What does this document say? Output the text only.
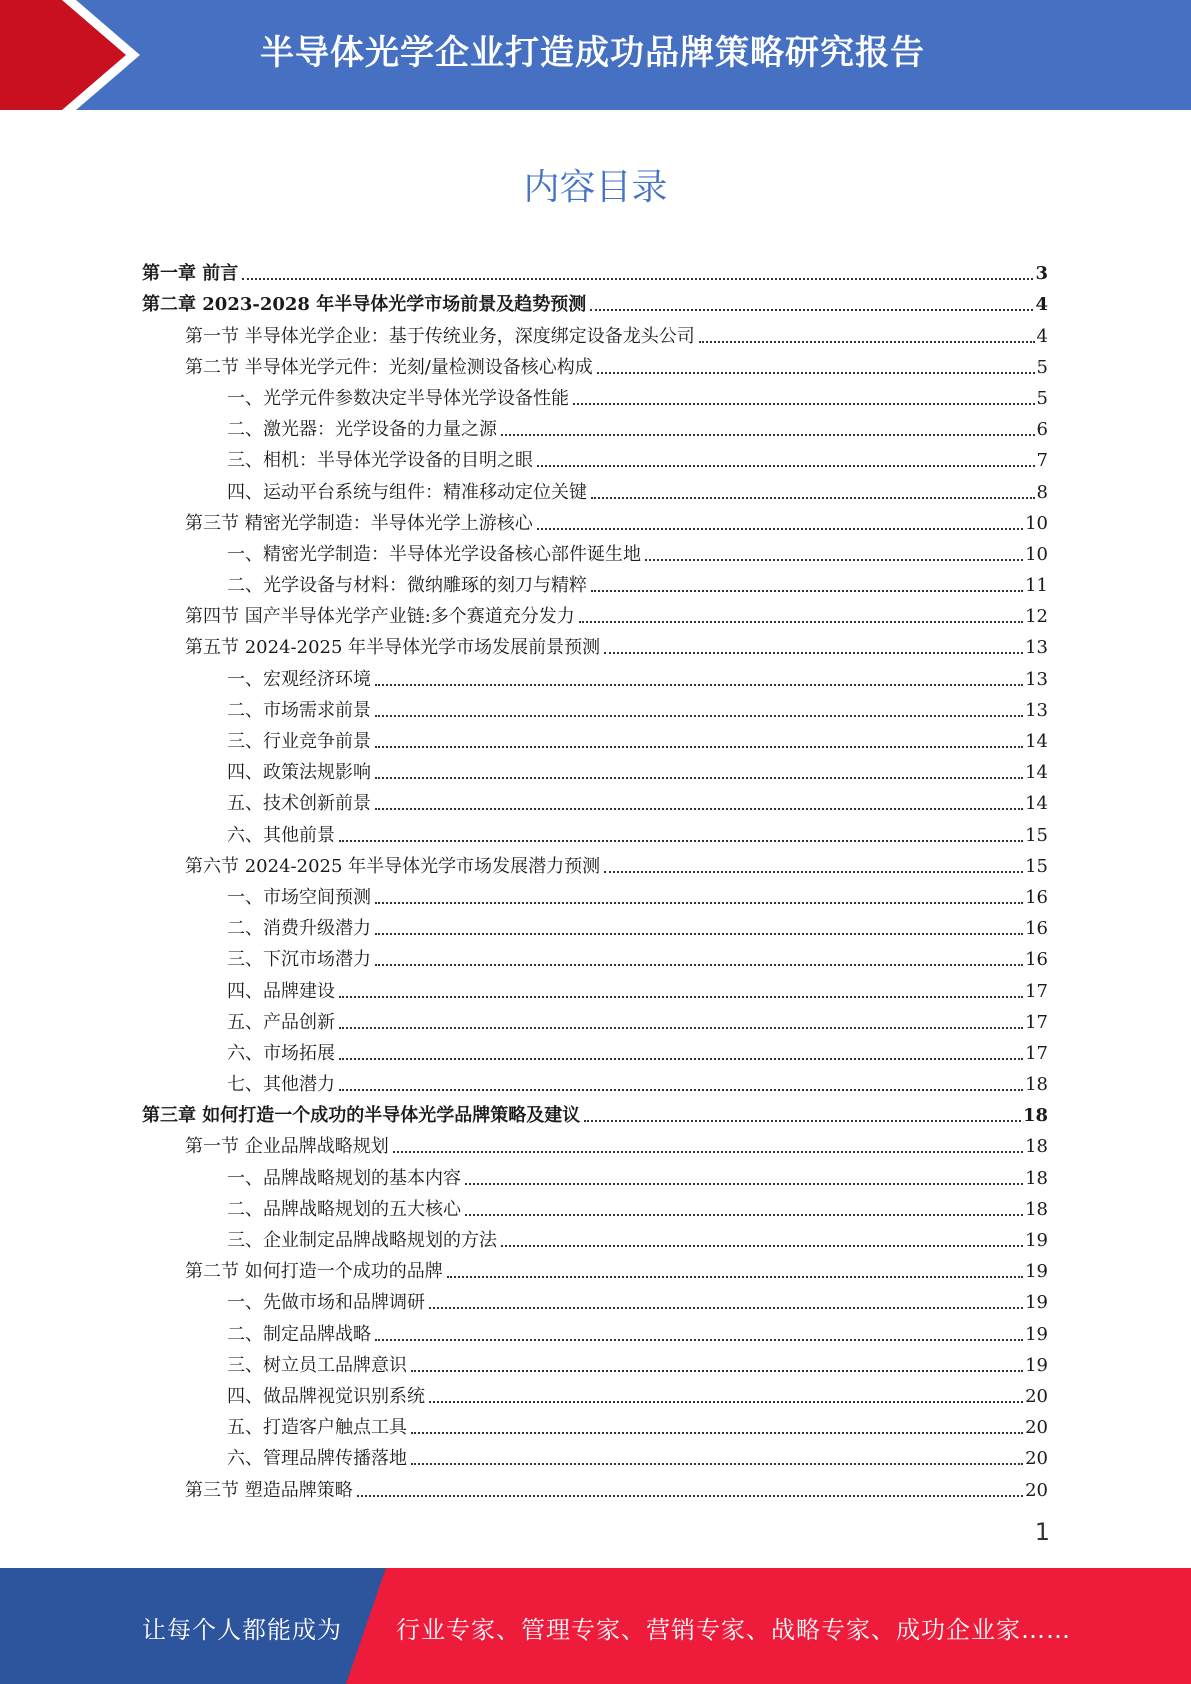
半导体光学企业打造成功品牌策略研究报告
内容目录
第一章 前言	3
第二章 2023-2028 年半导体光学市场前景及趋势预测	4
第一节 半导体光学企业：基于传统业务，深度绑定设备龙头公司	4
第二节 半导体光学元件：光刻/量检测设备核心构成	5
一、光学元件参数决定半导体光学设备性能	5
二、激光器：光学设备的力量之源	6
三、相机：半导体光学设备的目明之眼	7
四、运动平台系统与组件：精准移动定位关键	8
第三节 精密光学制造：半导体光学上游核心	10
一、精密光学制造：半导体光学设备核心部件诞生地	10
二、光学设备与材料：微纳雕琢的刻刀与精粹	11
第四节 国产半导体光学产业链:多个赛道充分发力	12
第五节 2024-2025 年半导体光学市场发展前景预测	13
一、宏观经济环境	13
二、市场需求前景	13
三、行业竞争前景	14
四、政策法规影响	14
五、技术创新前景	14
六、其他前景	15
第六节 2024-2025 年半导体光学市场发展潜力预测	15
一、市场空间预测	16
二、消费升级潜力	16
三、下沉市场潜力	16
四、品牌建设	17
五、产品创新	17
六、市场拓展	17
七、其他潜力	18
第三章 如何打造一个成功的半导体光学品牌策略及建议	18
第一节 企业品牌战略规划	18
一、品牌战略规划的基本内容	18
二、品牌战略规划的五大核心	18
三、企业制定品牌战略规划的方法	19
第二节 如何打造一个成功的品牌	19
一、先做市场和品牌调研	19
二、制定品牌战略	19
三、树立员工品牌意识	19
四、做品牌视觉识别系统	20
五、打造客户触点工具	20
六、管理品牌传播落地	20
第三节 塑造品牌策略	20
1
让每个人都能成为 行业专家、管理专家、营销专家、战略专家、成功企业家……
